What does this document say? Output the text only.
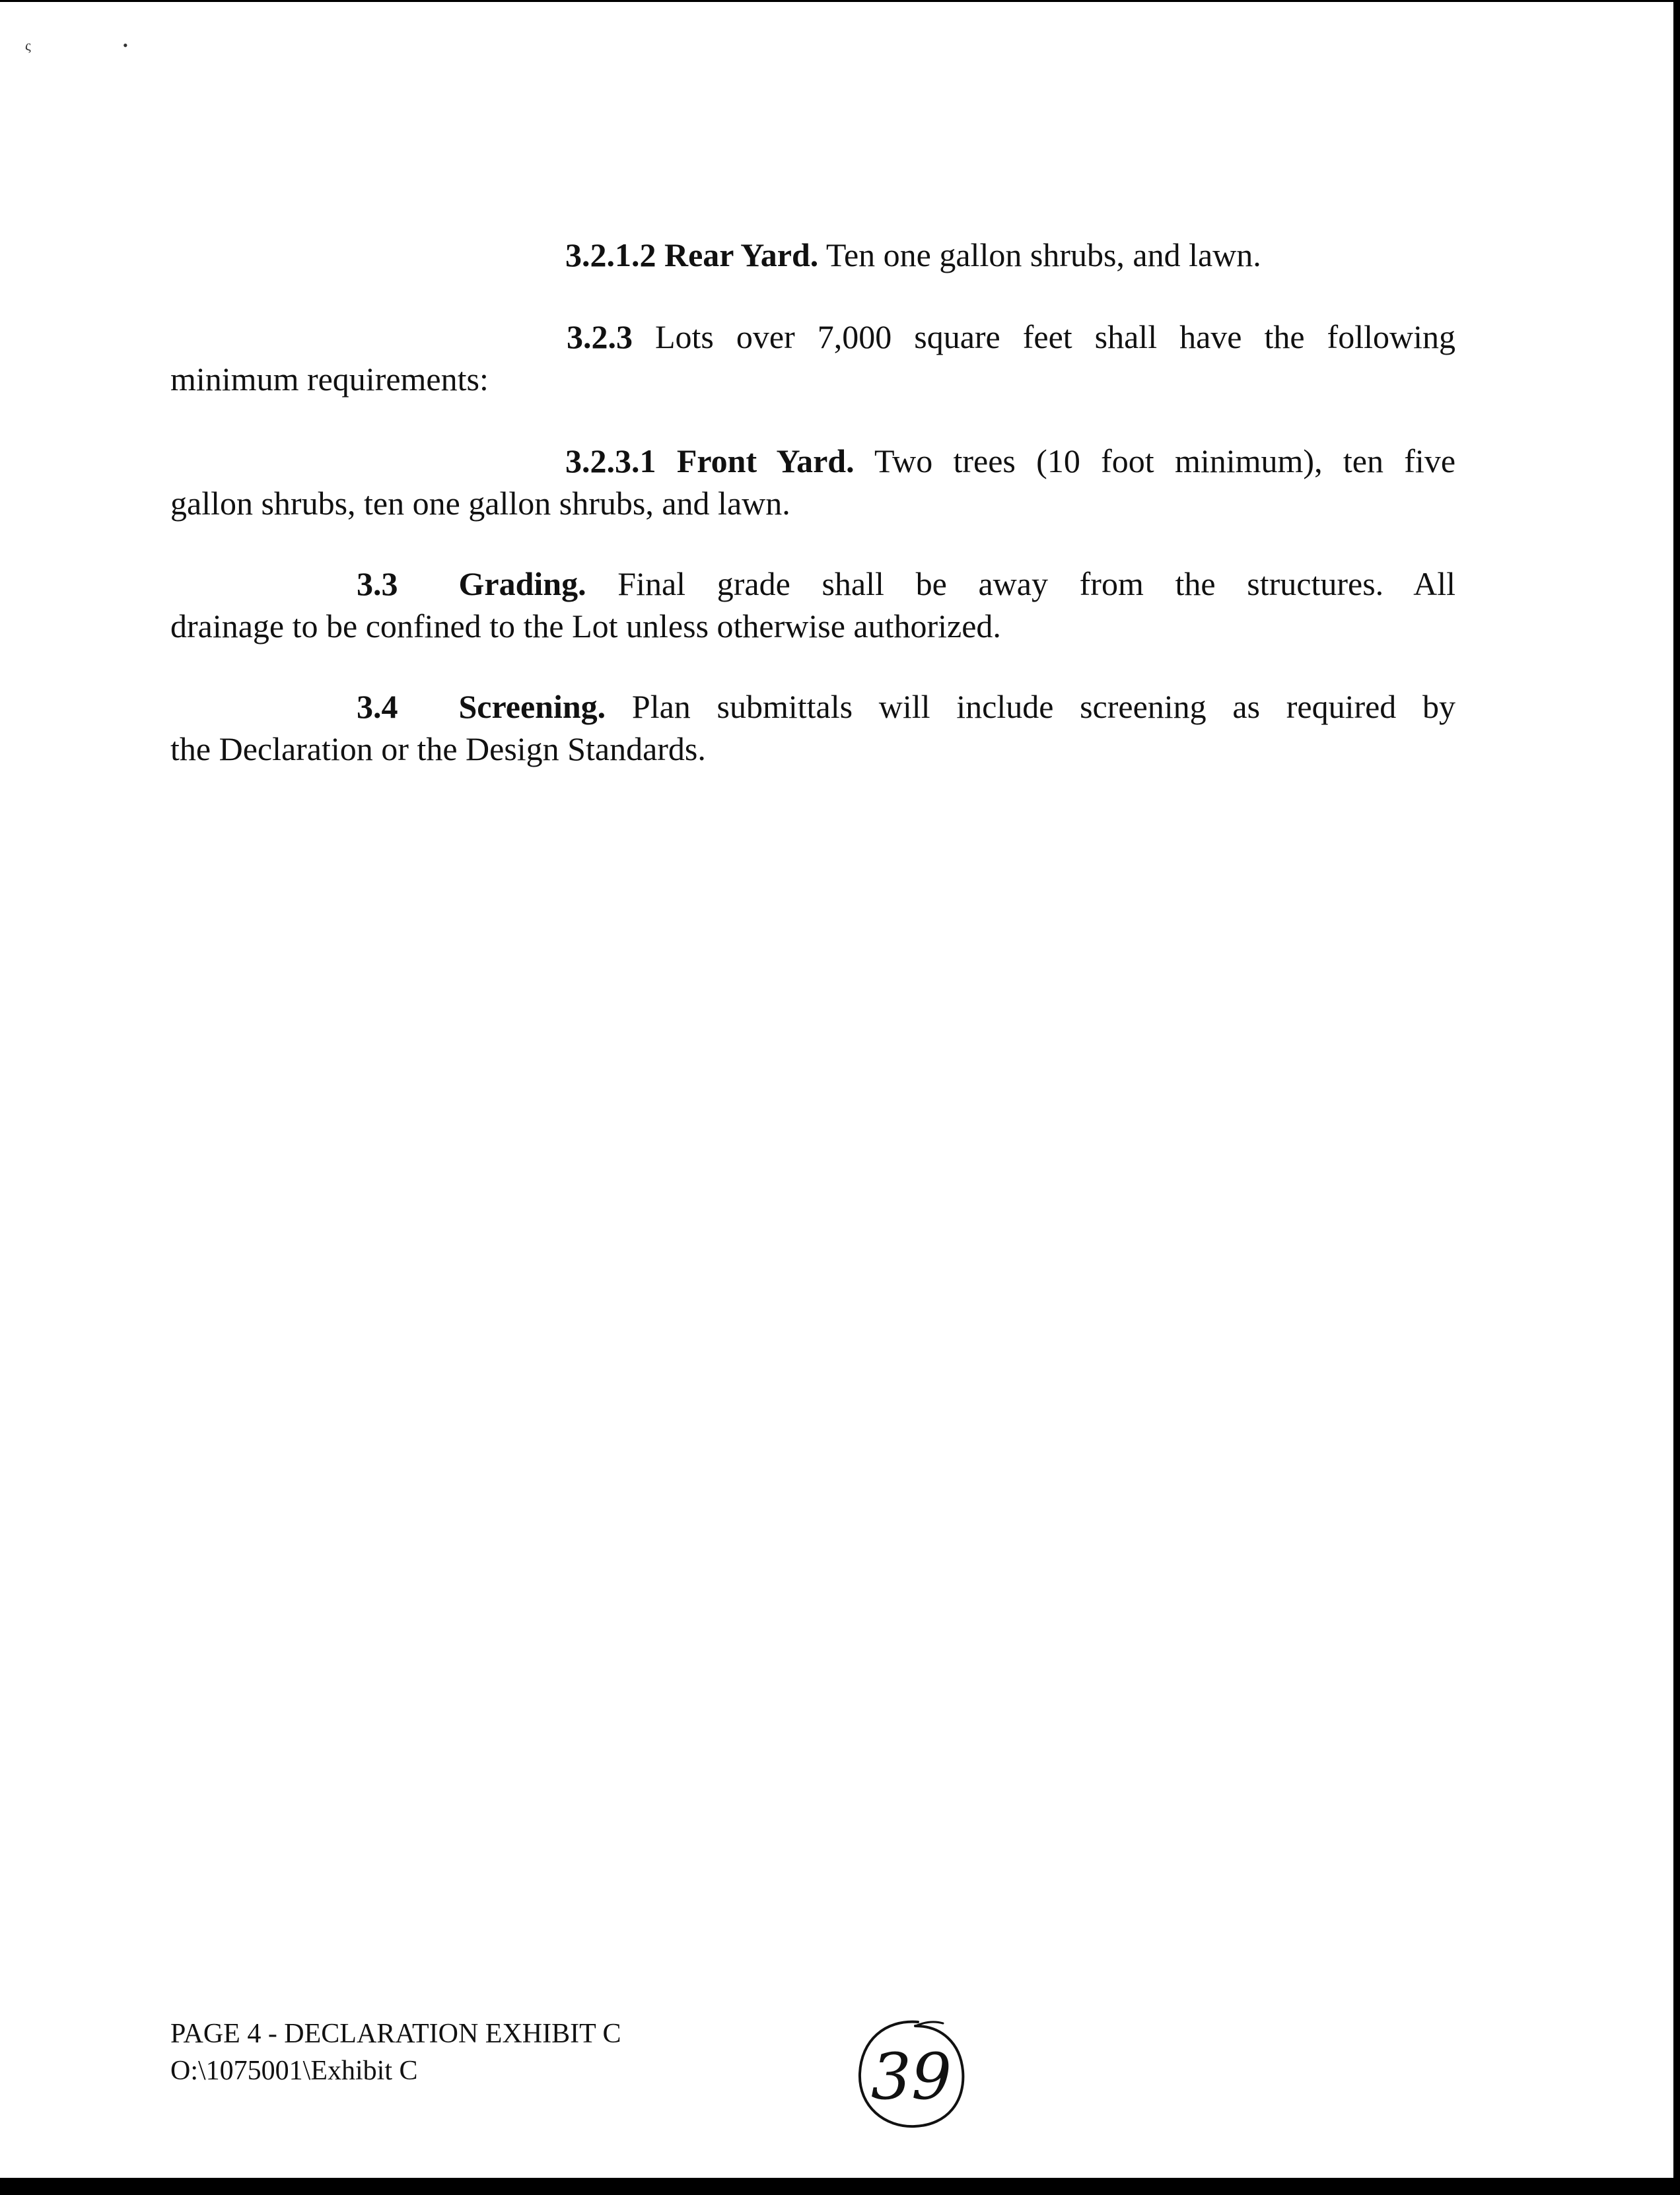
ς	•
3.2.1.2 Rear Yard. Ten one gallon shrubs, and lawn.
3.2.3 Lots over 7,000 square feet shall have the following
minimum requirements:
3.2.3.1 Front Yard. Two trees (10 foot minimum), ten five
gallon shrubs, ten one gallon shrubs, and lawn.
3.3 Grading. Final grade shall be away from the structures. All
drainage to be confined to the Lot unless otherwise authorized.
3.4 Screening. Plan submittals will include screening as required by
the Declaration or the Design Standards.
PAGE 4 - DECLARATION EXHIBIT C
O:\1075001\Exhibit C	39
